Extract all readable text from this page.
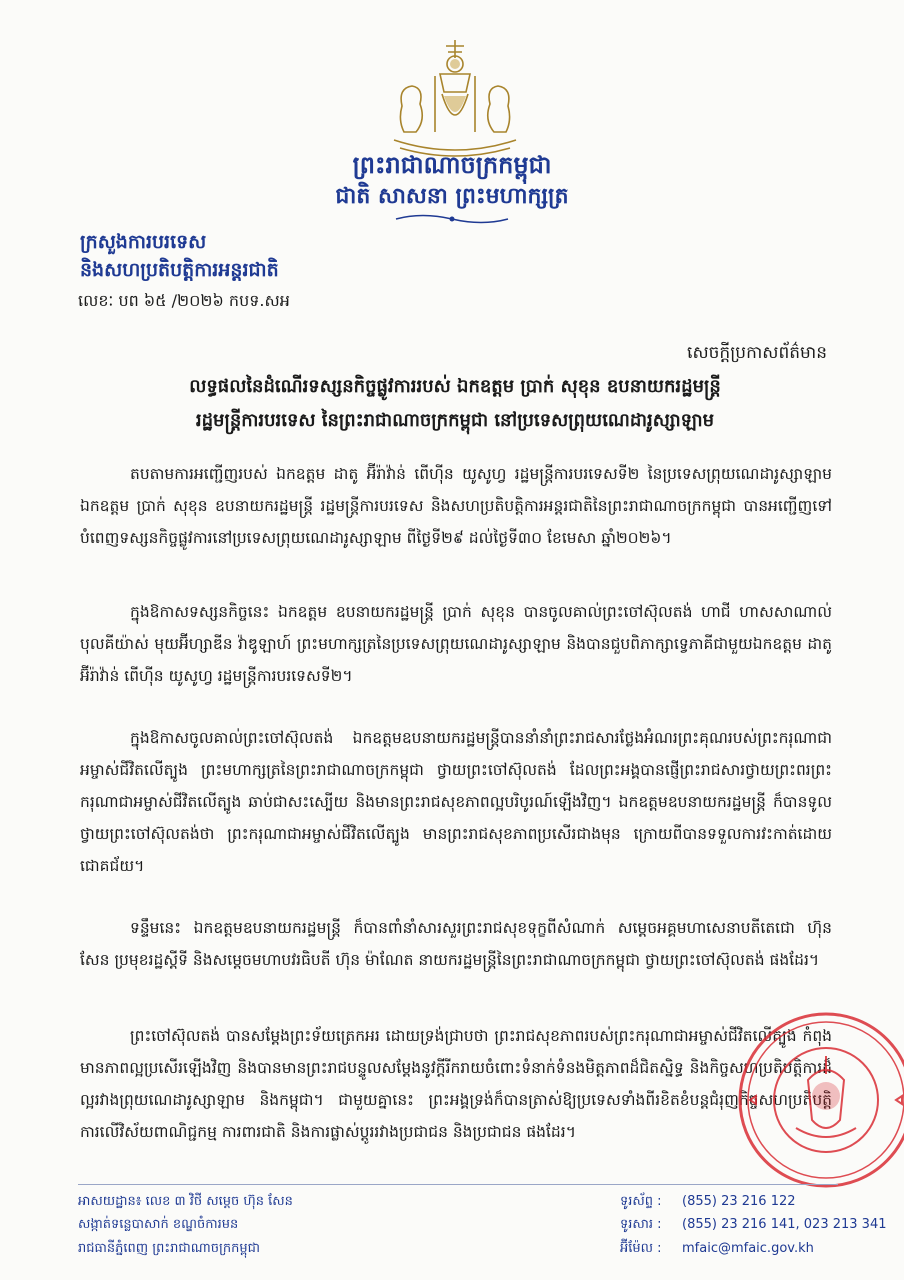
ព្រះរាជាណាចក្រកម្ពុជា
ជាតិ សាសនា ព្រះមហាក្សត្រ
ក្រសួងការបរទេស
និងសហប្រតិបត្តិការអន្តរជាតិ
លេខៈ បព ៦៥ /២០២៦ កបទ.សអ
សេចក្តីប្រកាសព័ត៌មាន
លទ្ធផលនៃដំណើរទស្សនកិច្ចផ្លូវការរបស់ ឯកឧត្តម ប្រាក់ សុខុន ឧបនាយករដ្ឋមន្ត្រី
រដ្ឋមន្ត្រីការបរទេស នៃព្រះរាជាណាចក្រកម្ពុជា នៅប្រទេសព្រុយណេដារូស្សាឡាម
តបតាមការអញ្ជើញរបស់ ឯកឧត្តម ដាតូ អ៊ីរ៉ាវ៉ាន់ ពើហ៊ីន យូសូហ្វ រដ្ឋមន្ត្រីការបរទេសទី២ នៃប្រទេសព្រុយណេដារូស្សាឡាម ឯកឧត្តម ប្រាក់ សុខុន ឧបនាយករដ្ឋមន្ត្រី រដ្ឋមន្ត្រីការបរទេស និងសហប្រតិបត្តិការអន្តរជាតិនៃព្រះរាជាណាចក្រកម្ពុជា បានអញ្ជើញទៅបំពេញទស្សនកិច្ចផ្លូវការនៅប្រទេសព្រុយណេដារូស្សាឡាម ពីថ្ងៃទី២៩ ដល់ថ្ងៃទី៣០ ខែមេសា ឆ្នាំ២០២៦។
ក្នុងឱកាសទស្សនកិច្ចនេះ ឯកឧត្តម ឧបនាយករដ្ឋមន្ត្រី ប្រាក់ សុខុន បានចូលគាល់ព្រះចៅស៊ុលតង់ ហាជី ហាសសាណាល់ បុលគីយ៉ាស់ មុយអ៊ីហ្សាឌីន វ៉ាឌូឡាហ៍ ព្រះមហាក្សត្រនៃប្រទេសព្រុយណេដារូស្សាឡាម និងបានជួបពិភាក្សាទ្វេភាគីជាមួយឯកឧត្តម ដាតូ អ៊ីរ៉ាវ៉ាន់ ពើហ៊ីន យូសូហ្វ រដ្ឋមន្ត្រីការបរទេសទី២។
ក្នុងឱកាសចូលគាល់ព្រះចៅស៊ុលតង់ ឯកឧត្តមឧបនាយករដ្ឋមន្ត្រីបាននាំនាំព្រះរាជសារថ្លែងអំណរព្រះគុណរបស់ព្រះករុណាជាអម្ចាស់ជីវិតលើត្បូង ព្រះមហាក្សត្រនៃព្រះរាជាណាចក្រកម្ពុជា ថ្វាយព្រះចៅស៊ុលតង់ ដែលព្រះអង្គបានផ្ញើព្រះរាជសារថ្វាយព្រះពរព្រះករុណាជាអម្ចាស់ជីវិតលើត្បូង ឆាប់ជាសះស្បើយ និងមានព្រះរាជសុខភាពល្អបរិបូរណ៍ឡើងវិញ។ ឯកឧត្តមឧបនាយករដ្ឋមន្ត្រី ក៏បានទូលថ្វាយព្រះចៅស៊ុលតង់ថា ព្រះករុណាជាអម្ចាស់ជីវិតលើត្បូង មានព្រះរាជសុខភាពប្រសើរជាងមុន ក្រោយពីបានទទួលការវះកាត់ដោយជោគជ័យ។
ទន្ទឹមនេះ ឯកឧត្តមឧបនាយករដ្ឋមន្ត្រី ក៏បានពាំនាំសារសួរព្រះរាជសុខទុក្ខពីសំណាក់ សម្តេចអគ្គមហាសេនាបតីតេជោ ហ៊ុន សែន ប្រមុខរដ្ឋស្តីទី និងសម្តេចមហាបវរធិបតី ហ៊ុន ម៉ាណែត នាយករដ្ឋមន្ត្រីនៃព្រះរាជាណាចក្រកម្ពុជា ថ្វាយព្រះចៅស៊ុលតង់ ផងដែរ។
ព្រះចៅស៊ុលតង់ បានសម្តែងព្រះទ័យត្រេកអរ ដោយទ្រង់ជ្រាបថា ព្រះរាជសុខភាពរបស់ព្រះករុណាជាអម្ចាស់ជីវិតលើត្បូង កំពុងមានភាពល្អប្រសើរឡើងវិញ និងបានមានព្រះរាជបន្ទូលសម្តែងនូវក្តីរីករាយចំពោះទំនាក់ទំនងមិត្តភាពដ៏ជិតស្និទ្ធ និងកិច្ចសហប្រតិបត្តិការដ៏ល្អរវាងព្រុយណេដារូស្សាឡាម និងកម្ពុជា។ ជាមួយគ្នានេះ ព្រះអង្គទ្រង់ក៏បានត្រាស់ឱ្យប្រទេសទាំងពីរខិតខំបន្តជំរុញកិច្ចសហប្រតិបត្តិការលើវិស័យពាណិជ្ជកម្ម ការពារជាតិ និងការផ្លាស់ប្តូររវាងប្រជាជន និងប្រជាជន ផងដែរ។
អាសយដ្ឋាន៖ លេខ ៣ វិថី សម្តេច ហ៊ុន សែន
សង្កាត់ទន្លេបាសាក់ ខណ្ឌចំការមន
រាជធានីភ្នំពេញ ព្រះរាជាណាចក្រកម្ពុជា
ទូរស័ព្ទ : (855) 23 216 122
ទូរសារ : (855) 23 216 141, 023 213 341
អ៊ីម៉ែល : mfaic@mfaic.gov.kh
